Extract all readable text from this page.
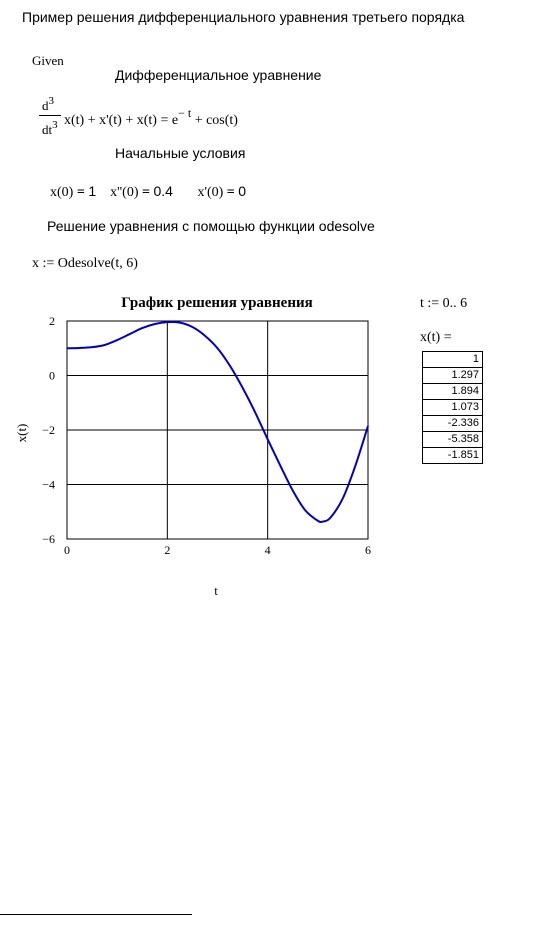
Пример решения дифференциального уравнения третьего порядка
Given
Дифференциальное уравнение
$d^3$
$dt^3$ $x(t) + x'(t) + x(t) = e^{- t} + \cos(t)$
Начальные условия
x(0) = 1 x''(0) = 0.4 x'(0) = 0
Решение уравнения с помощью функции odesolve
x := Odesolve(t, 6)
t := 0.. 6
x(t) =
1
1.297
1.894
1.073
-2.336
-5.358
-1.851
График решения уравнения
0	2	4	6
−6
−4
−2
0
2
x(t)
t
